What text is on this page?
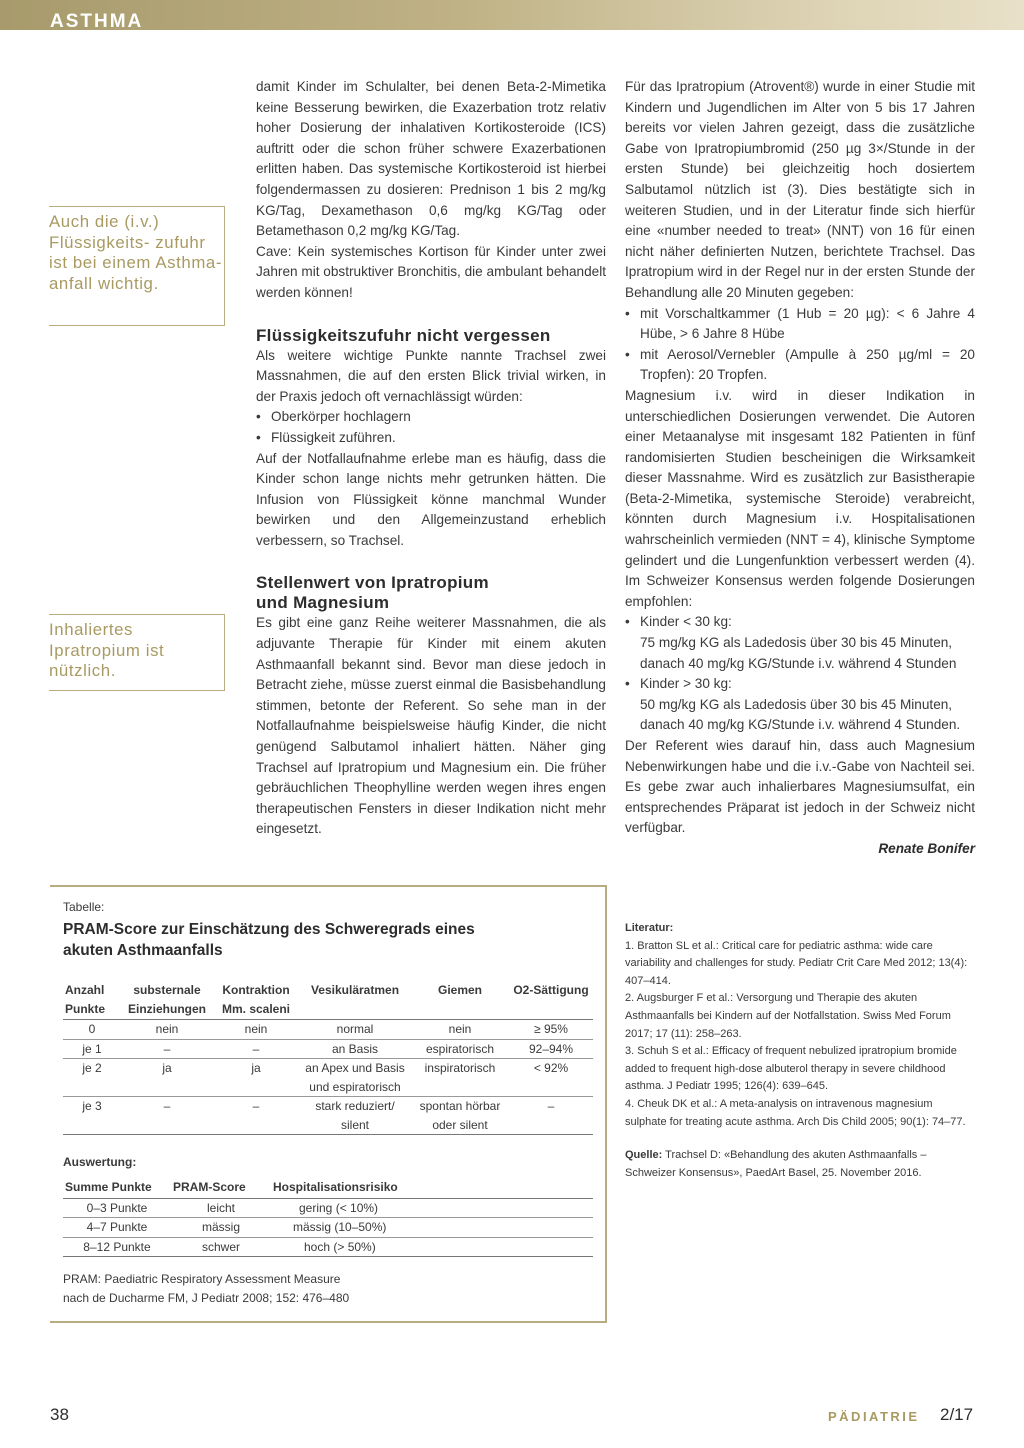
ASTHMA
Auch die (i.v.) Flüssigkeits- zufuhr ist bei einem Asthma- anfall wichtig.
Inhaliertes Ipratropium ist nützlich.

damit Kinder im Schulalter, bei denen Beta-2-Mimetika keine Besserung bewirken, die Exazerbation trotz relativ hoher Dosierung der inhalativen Kortikosteroide (ICS) auftritt oder die schon früher schwere Exazerbationen erlitten haben. Das systemische Kortikosteroid ist hierbei folgendermassen zu dosieren: Prednison 1 bis 2 mg/kg KG/Tag, Dexamethason 0,6 mg/kg KG/Tag oder Betamethason 0,2 mg/kg KG/Tag.

Cave: Kein systemisches Kortison für Kinder unter zwei Jahren mit obstruktiver Bronchitis, die ambulant behandelt werden können!

Flüssigkeitszufuhr nicht vergessen

Als weitere wichtige Punkte nannte Trachsel zwei Massnahmen, die auf den ersten Blick trivial wirken, in der Praxis jedoch oft vernachlässigt würden:

• Oberkörper hochlagern
• Flüssigkeit zuführen.

Auf der Notfallaufnahme erlebe man es häufig, dass die Kinder schon lange nichts mehr getrunken hätten. Die Infusion von Flüssigkeit könne manchmal Wunder bewirken und den Allgemeinzustand erheblich verbessern, so Trachsel.

Stellenwert von Ipratropium
und Magnesium

Es gibt eine ganz Reihe weiterer Massnahmen, die als adjuvante Therapie für Kinder mit einem akuten Asthmaanfall bekannt sind. Bevor man diese jedoch in Betracht ziehe, müsse zuerst einmal die Basisbehandlung stimmen, betonte der Referent. So sehe man in der Notfallaufnahme beispielsweise häufig Kinder, die nicht genügend Salbutamol inhaliert hätten. Näher ging Trachsel auf Ipratropium und Magnesium ein. Die früher gebräuchlichen Theophylline werden wegen ihres engen therapeutischen Fensters in dieser Indikation nicht mehr eingesetzt.

Für das Ipratropium (Atrovent®) wurde in einer Studie mit Kindern und Jugendlichen im Alter von 5 bis 17 Jahren bereits vor vielen Jahren gezeigt, dass die zusätzliche Gabe von Ipratropiumbromid (250 µg 3×/Stunde in der ersten Stunde) bei gleichzeitig hoch dosiertem Salbutamol nützlich ist (3). Dies bestätigte sich in weiteren Studien, und in der Literatur finde sich hierfür eine «number needed to treat» (NNT) von 16 für einen nicht näher definierten Nutzen, berichtete Trachsel. Das Ipratropium wird in der Regel nur in der ersten Stunde der Behandlung alle 20 Minuten gegeben:

• mit Vorschaltkammer (1 Hub = 20 µg): < 6 Jahre 4 Hübe, > 6 Jahre 8 Hübe
• mit Aerosol/Vernebler (Ampulle à 250 µg/ml = 20 Tropfen): 20 Tropfen.

Magnesium i.v. wird in dieser Indikation in unterschiedlichen Dosierungen verwendet. Die Autoren einer Metaanalyse mit insgesamt 182 Patienten in fünf randomisierten Studien bescheinigen die Wirksamkeit dieser Massnahme. Wird es zusätzlich zur Basistherapie (Beta-2-Mimetika, systemische Steroide) verabreicht, könnten durch Magnesium i.v. Hospitalisationen wahrscheinlich vermieden (NNT = 4), klinische Symptome gelindert und die Lungenfunktion verbessert werden (4). Im Schweizer Konsensus werden folgende Dosierungen empfohlen:

• Kinder < 30 kg:
75 mg/kg KG als Ladedosis über 30 bis 45 Minuten, danach 40 mg/kg KG/Stunde i.v. während 4 Stunden
• Kinder > 30 kg:
50 mg/kg KG als Ladedosis über 30 bis 45 Minuten, danach 40 mg/kg KG/Stunde i.v. während 4 Stunden.

Der Referent wies darauf hin, dass auch Magnesium Nebenwirkungen habe und die i.v.-Gabe von Nachteil sei. Es gebe zwar auch inhalierbares Magnesiumsulfat, ein entsprechendes Präparat ist jedoch in der Schweiz nicht verfügbar.

Renate Bonifer
Tabelle:
PRAM-Score zur Einschätzung des Schweregrads eines akuten Asthmaanfalls
Anzahl Punkte	substernale Einziehungen	Kontraktion Mm. scaleni	Vesikuläratmen	Giemen	O2-Sättigung
0	nein	nein	normal	nein	≥ 95%
je 1	–	–	an Basis	espiratorisch	92–94%
je 2	ja	ja	an Apex und Basis und espiratorisch	inspiratorisch	< 92%
je 3	–	–	stark reduziert/ silent	spontan hörbar oder silent	–
Auswertung:
Summe Punkte	PRAM-Score	Hospitalisationsrisiko
0–3 Punkte	leicht	gering (< 10%)
4–7 Punkte	mässig	mässig (10–50%)
8–12 Punkte	schwer	hoch (> 50%)
PRAM: Paediatric Respiratory Assessment Measure
nach de Ducharme FM, J Pediatr 2008; 152: 476–480

Literatur:

1. Bratton SL et al.: Critical care for pediatric asthma: wide care variability and challenges for study. Pediatr Crit Care Med 2012; 13(4): 407–414.

2. Augsburger F et al.: Versorgung und Therapie des akuten Asthmaanfalls bei Kindern auf der Notfallstation. Swiss Med Forum 2017; 17 (11): 258–263.

3. Schuh S et al.: Efficacy of frequent nebulized ipratropium bromide added to frequent high-dose albuterol therapy in severe childhood asthma. J Pediatr 1995; 126(4): 639–645.

4. Cheuk DK et al.: A meta-analysis on intravenous magnesium sulphate for treating acute asthma. Arch Dis Child 2005; 90(1): 74–77.

Quelle: Trachsel D: «Behandlung des akuten Asthmaanfalls – Schweizer Konsensus», PaedArt Basel, 25. November 2016.

38	PÄDIATRIE 2/17
